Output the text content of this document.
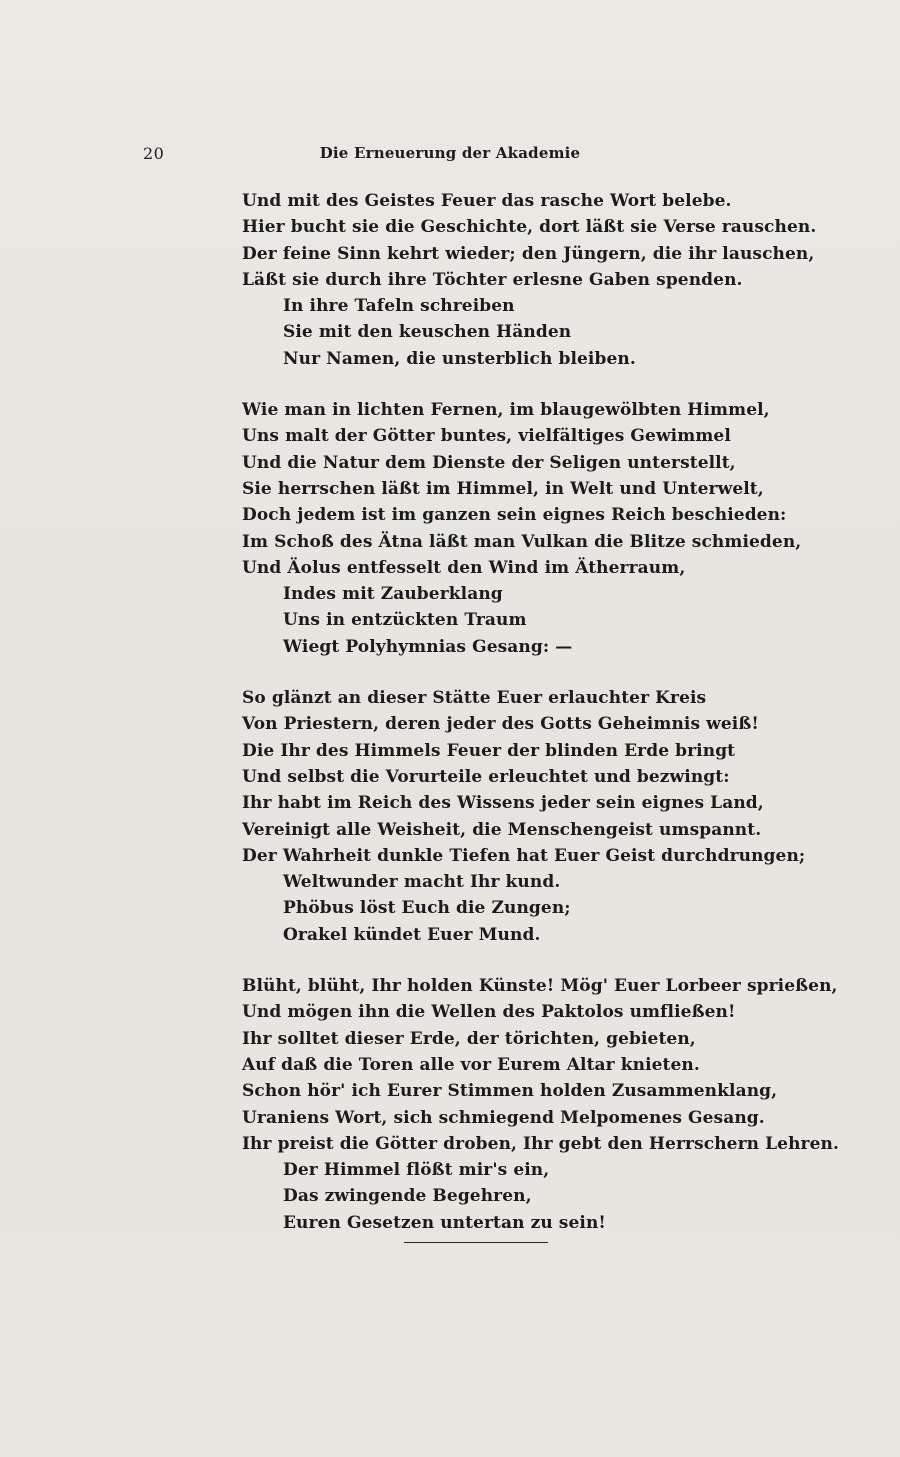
20	Die Erneuerung der Akademie
Und mit des Geistes Feuer das rasche Wort belebe.
Hier bucht sie die Geschichte, dort läßt sie Verse rauschen.
Der feine Sinn kehrt wieder; den Jüngern, die ihr lauschen,
Läßt sie durch ihre Töchter erlesne Gaben spenden.
In ihre Tafeln schreiben
Sie mit den keuschen Händen
Nur Namen, die unsterblich bleiben.
Wie man in lichten Fernen, im blaugewölbten Himmel,
Uns malt der Götter buntes, vielfältiges Gewimmel
Und die Natur dem Dienste der Seligen unterstellt,
Sie herrschen läßt im Himmel, in Welt und Unterwelt,
Doch jedem ist im ganzen sein eignes Reich beschieden:
Im Schoß des Ätna läßt man Vulkan die Blitze schmieden,
Und Äolus entfesselt den Wind im Ätherraum,
Indes mit Zauberklang
Uns in entzückten Traum
Wiegt Polyhymnias Gesang: —
So glänzt an dieser Stätte Euer erlauchter Kreis
Von Priestern, deren jeder des Gotts Geheimnis weiß!
Die Ihr des Himmels Feuer der blinden Erde bringt
Und selbst die Vorurteile erleuchtet und bezwingt:
Ihr habt im Reich des Wissens jeder sein eignes Land,
Vereinigt alle Weisheit, die Menschengeist umspannt.
Der Wahrheit dunkle Tiefen hat Euer Geist durchdrungen;
Weltwunder macht Ihr kund.
Phöbus löst Euch die Zungen;
Orakel kündet Euer Mund.
Blüht, blüht, Ihr holden Künste! Mög' Euer Lorbeer sprießen,
Und mögen ihn die Wellen des Paktolos umfließen!
Ihr solltet dieser Erde, der törichten, gebieten,
Auf daß die Toren alle vor Eurem Altar knieten.
Schon hör' ich Eurer Stimmen holden Zusammenklang,
Uraniens Wort, sich schmiegend Melpomenes Gesang.
Ihr preist die Götter droben, Ihr gebt den Herrschern Lehren.
Der Himmel flößt mir's ein,
Das zwingende Begehren,
Euren Gesetzen untertan zu sein!
